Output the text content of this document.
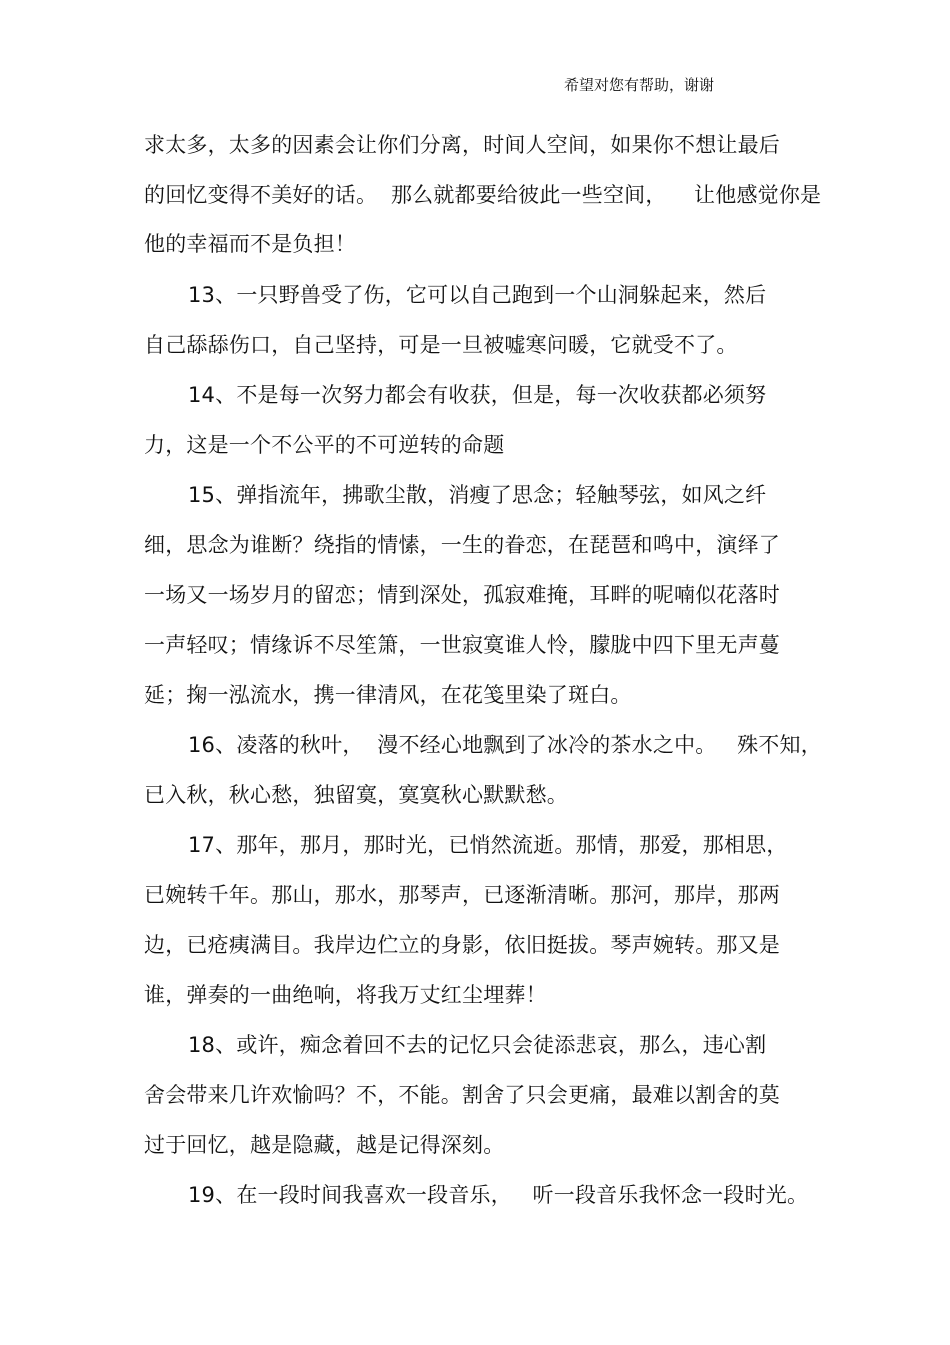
希望对您有帮助，谢谢
求太多，太多的因素会让你们分离，时间人空间，如果你不想让最后
的回忆变得不美好的话。  那么就都要给彼此一些空间，    让他感觉你是
他的幸福而不是负担！
13、一只野兽受了伤，它可以自己跑到一个山洞躲起来，然后
自己舔舔伤口，自己坚持，可是一旦被嘘寒问暖，它就受不了。
14、不是每一次努力都会有收获，但是，每一次收获都必须努
力，这是一个不公平的不可逆转的命题
15、弹指流年，拂歌尘散，消瘦了思念；轻触琴弦，如风之纤
细，思念为谁断？绕指的情愫，一生的眷恋，在琵琶和鸣中，演绎了
一场又一场岁月的留恋；情到深处，孤寂难掩，耳畔的呢喃似花落时
一声轻叹；情缘诉不尽笙箫，一世寂寞谁人怜，朦胧中四下里无声蔓
延；掬一泓流水，携一律清风，在花笺里染了斑白。
16、凌落的秋叶，  漫不经心地飘到了冰冷的茶水之中。   殊不知，
已入秋，秋心愁，独留寞，寞寞秋心默默愁。
17、那年，那月，那时光，已悄然流逝。那情，那爱，那相思，
已婉转千年。那山，那水，那琴声，已逐渐清晰。那河，那岸，那两
边，已疮痍满目。我岸边伫立的身影，依旧挺拔。琴声婉转。那又是
谁，弹奏的一曲绝响，将我万丈红尘埋葬！
18、或许，痴念着回不去的记忆只会徒添悲哀，那么，违心割
舍会带来几许欢愉吗？不，不能。割舍了只会更痛，最难以割舍的莫
过于回忆，越是隐藏，越是记得深刻。
19、在一段时间我喜欢一段音乐，   听一段音乐我怀念一段时光。
